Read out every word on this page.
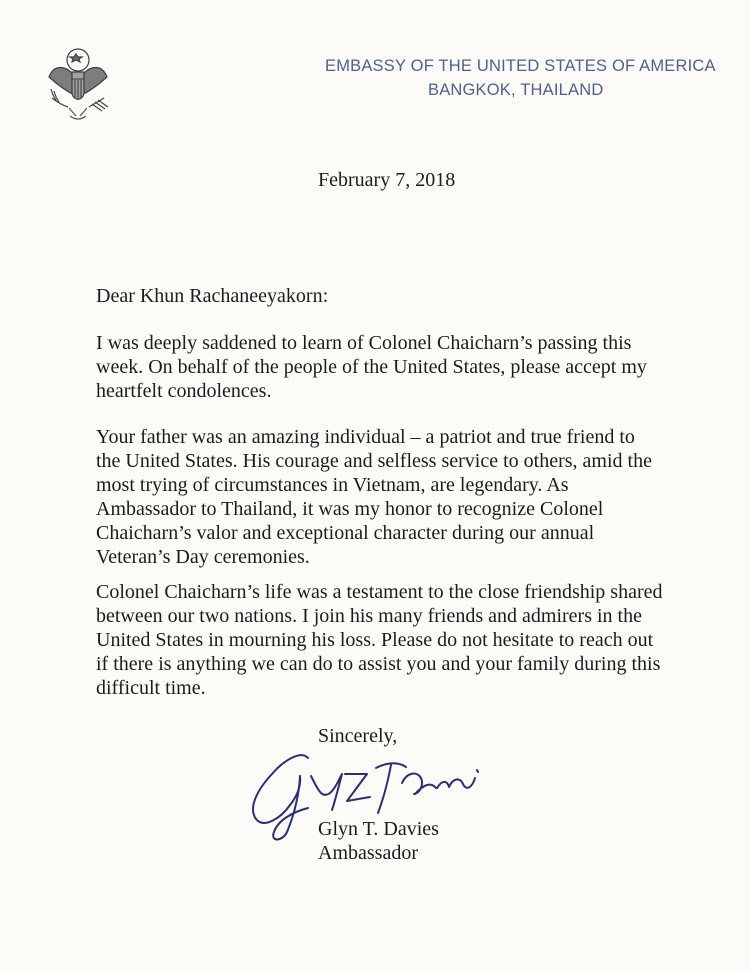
EMBASSY OF THE UNITED STATES OF AMERICA
BANGKOK, THAILAND
February 7, 2018
Dear Khun Rachaneeyakorn:

I was deeply saddened to learn of Colonel Chaicharn’s passing this
week. On behalf of the people of the United States, please accept my
heartfelt condolences.

Your father was an amazing individual – a patriot and true friend to
the United States. His courage and selfless service to others, amid the
most trying of circumstances in Vietnam, are legendary. As
Ambassador to Thailand, it was my honor to recognize Colonel
Chaicharn’s valor and exceptional character during our annual
Veteran’s Day ceremonies.

Colonel Chaicharn’s life was a testament to the close friendship shared
between our two nations. I join his many friends and admirers in the
United States in mourning his loss. Please do not hesitate to reach out
if there is anything we can do to assist you and your family during this
difficult time.

Sincerely,
Glyn T. Davies
Ambassador
